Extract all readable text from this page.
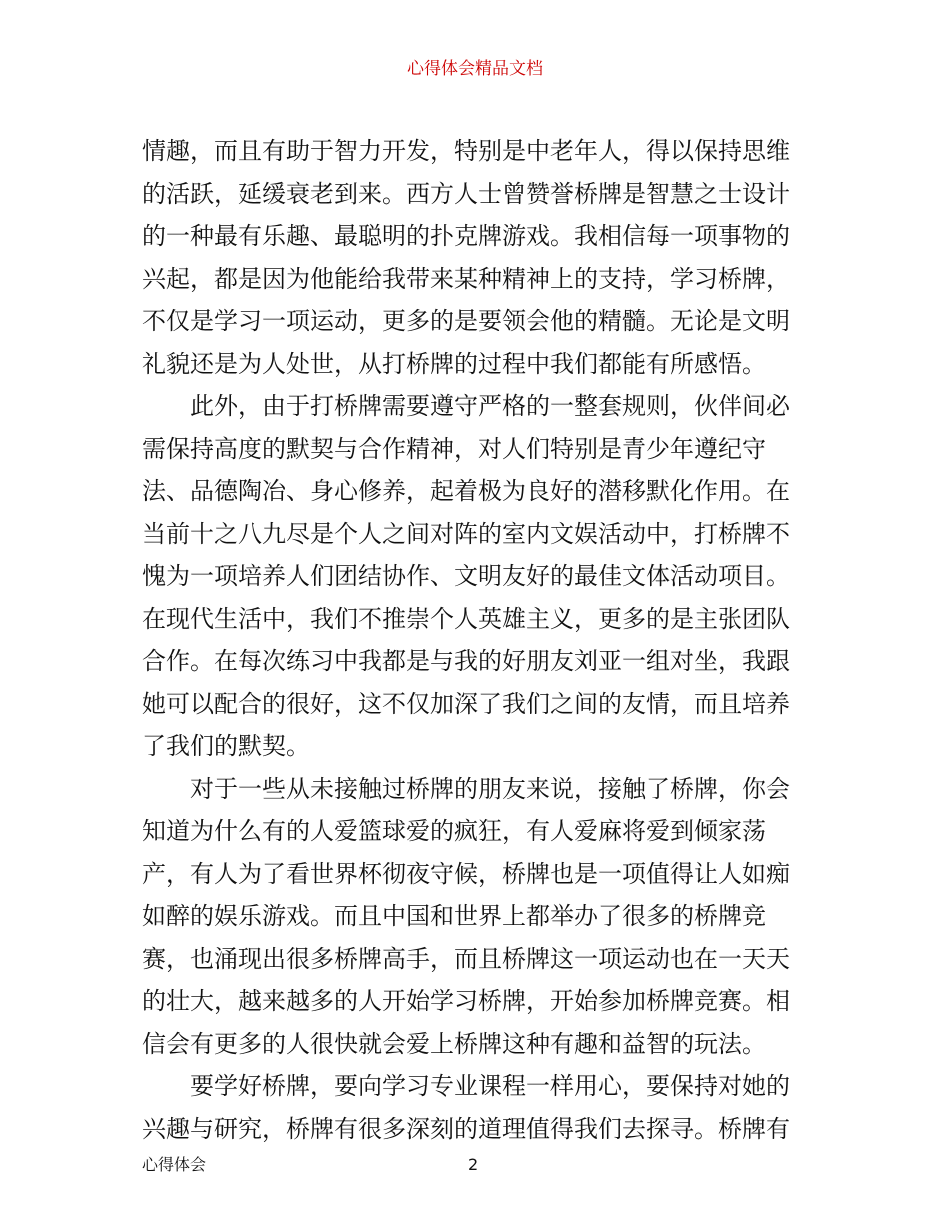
心得体会精品文档
情趣，而且有助于智力开发，特别是中老年人，得以保持思维
的活跃，延缓衰老到来。西方人士曾赞誉桥牌是智慧之士设计
的一种最有乐趣、最聪明的扑克牌游戏。我相信每一项事物的
兴起，都是因为他能给我带来某种精神上的支持，学习桥牌，
不仅是学习一项运动，更多的是要领会他的精髓。无论是文明
礼貌还是为人处世，从打桥牌的过程中我们都能有所感悟。
　　此外，由于打桥牌需要遵守严格的一整套规则，伙伴间必
需保持高度的默契与合作精神，对人们特别是青少年遵纪守
法、品德陶冶、身心修养，起着极为良好的潜移默化作用。在
当前十之八九尽是个人之间对阵的室内文娱活动中，打桥牌不
愧为一项培养人们团结协作、文明友好的最佳文体活动项目。
在现代生活中，我们不推崇个人英雄主义，更多的是主张团队
合作。在每次练习中我都是与我的好朋友刘亚一组对坐，我跟
她可以配合的很好，这不仅加深了我们之间的友情，而且培养
了我们的默契。
　　对于一些从未接触过桥牌的朋友来说，接触了桥牌，你会
知道为什么有的人爱篮球爱的疯狂，有人爱麻将爱到倾家荡
产，有人为了看世界杯彻夜守候，桥牌也是一项值得让人如痴
如醉的娱乐游戏。而且中国和世界上都举办了很多的桥牌竞
赛，也涌现出很多桥牌高手，而且桥牌这一项运动也在一天天
的壮大，越来越多的人开始学习桥牌，开始参加桥牌竞赛。相
信会有更多的人很快就会爱上桥牌这种有趣和益智的玩法。
　　要学好桥牌，要向学习专业课程一样用心，要保持对她的
兴趣与研究，桥牌有很多深刻的道理值得我们去探寻。桥牌有
心得体会	2
